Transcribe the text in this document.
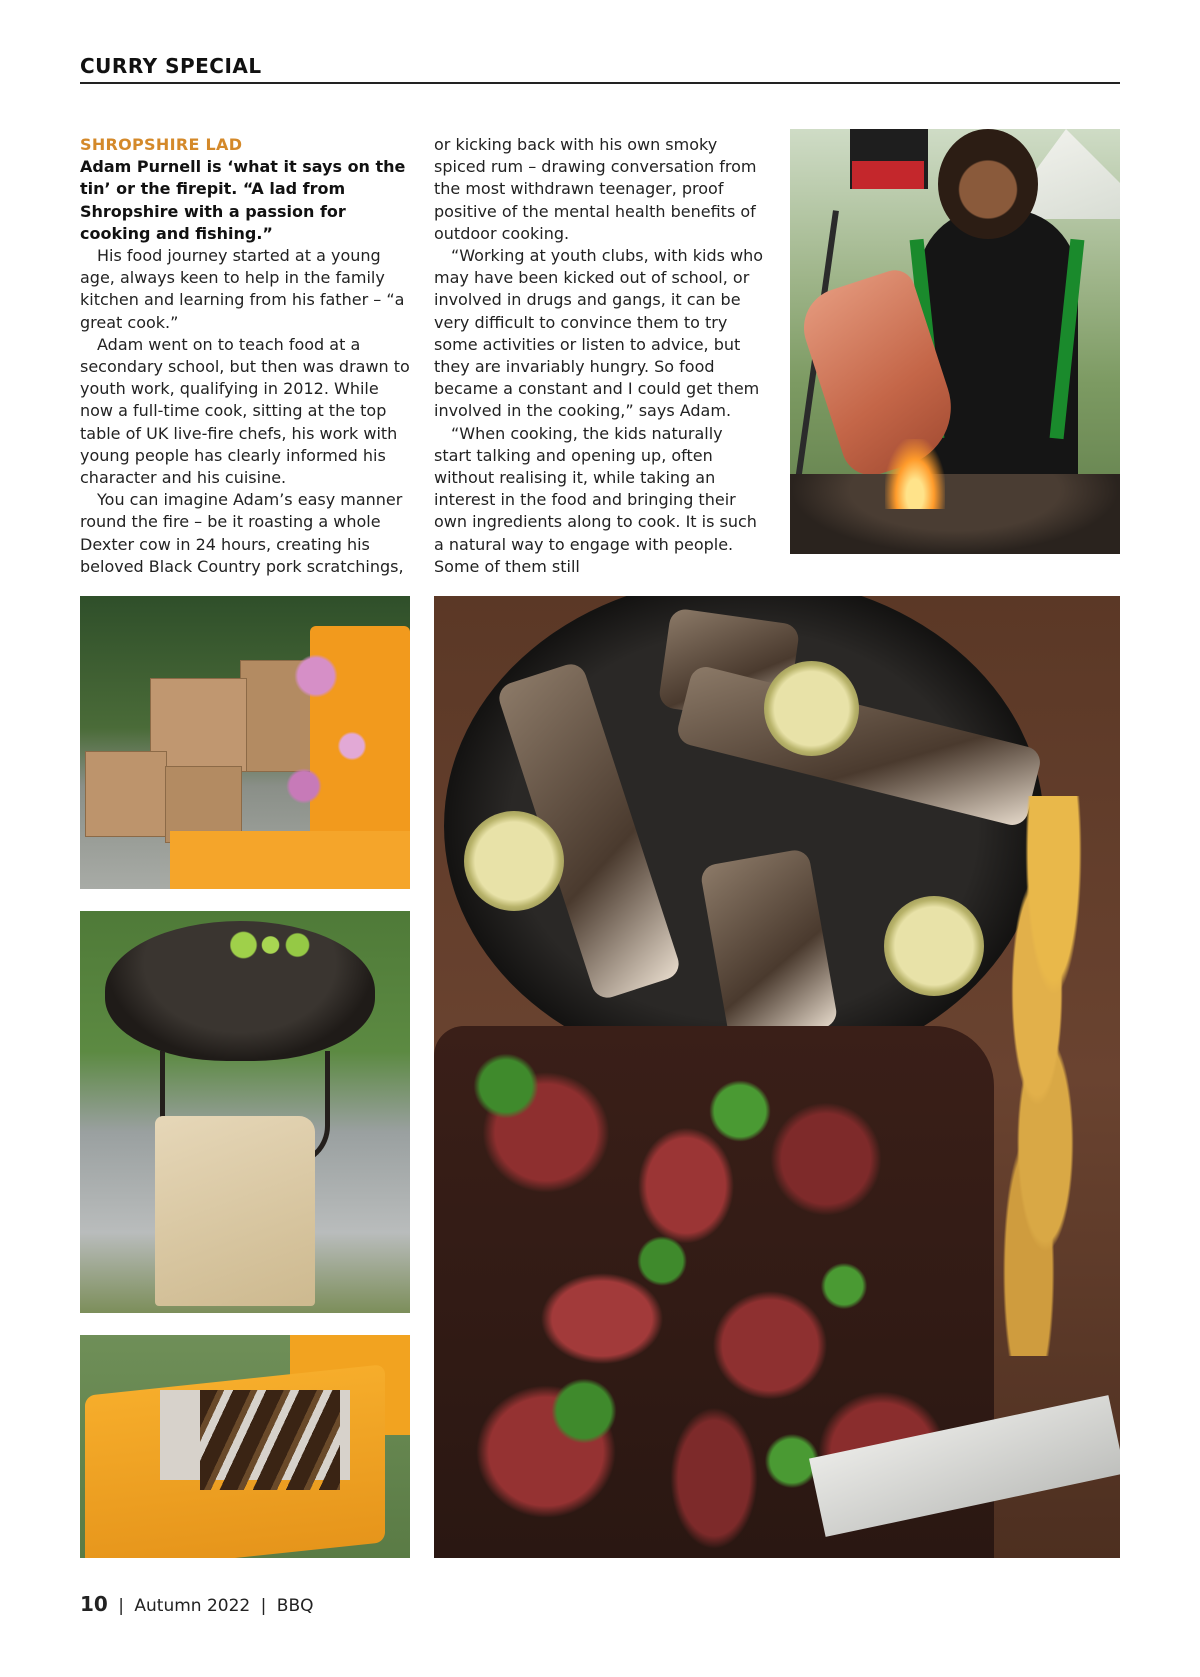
CURRY SPECIAL
SHROPSHIRE LAD

Adam Purnell is ‘what it says on the tin’ or the firepit. “A lad from Shropshire with a passion for cooking and fishing.”

His food journey started at a young age, always keen to help in the family kitchen and learning from his father – “a great cook.”

Adam went on to teach food at a secondary school, but then was drawn to youth work, qualifying in 2012. While now a full-time cook, sitting at the top table of UK live-fire chefs, his work with young people has clearly informed his character and his cuisine.

You can imagine Adam’s easy manner round the fire – be it roasting a whole Dexter cow in 24 hours, creating his beloved Black Country pork scratchings,

or kicking back with his own smoky spiced rum – drawing conversation from the most withdrawn teenager, proof positive of the mental health benefits of outdoor cooking.

“Working at youth clubs, with kids who may have been kicked out of school, or involved in drugs and gangs, it can be very difficult to convince them to try some activities or listen to advice, but they are invariably hungry. So food became a constant and I could get them involved in the cooking,” says Adam.

“When cooking, the kids naturally start talking and opening up, often without realising it, while taking an interest in the food and bringing their own ingredients along to cook. It is such a natural way to engage with people. Some of them still

10 | Autumn 2022 | BBQ
